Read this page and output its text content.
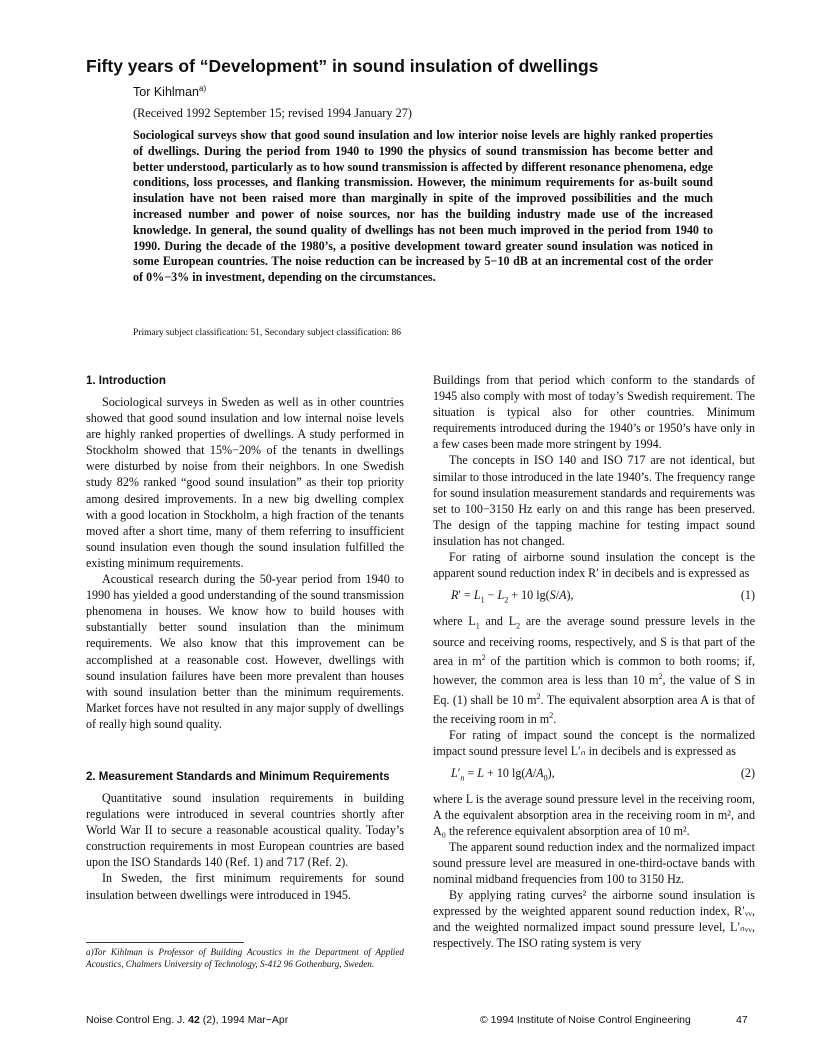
Fifty years of “Development” in sound insulation of dwellings
Tor Kihlman$^{a)}$
(Received 1992 September 15; revised 1994 January 27)

Sociological surveys show that good sound insulation and low interior noise levels are highly ranked properties of dwellings. During the period from 1940 to 1990 the physics of sound transmission has become better and better understood, particularly as to how sound transmission is affected by different resonance phenomena, edge conditions, loss processes, and flanking transmission. However, the minimum requirements for as-built sound insulation have not been raised more than marginally in spite of the improved possibilities and the much increased number and power of noise sources, nor has the building industry made use of the increased knowledge. In general, the sound quality of dwellings has not been much improved in the period from 1940 to 1990. During the decade of the 1980’s, a positive development toward greater sound insulation was noticed in some European countries. The noise reduction can be increased by 5−10 dB at an incremental cost of the order of 0%−3% in investment, depending on the circumstances.

Primary subject classification: 51, Secondary subject classification: 86
1. Introduction

Sociological surveys in Sweden as well as in other countries showed that good sound insulation and low internal noise levels are highly ranked properties of dwellings. A study performed in Stockholm showed that 15%−20% of the tenants in dwellings were disturbed by noise from their neighbors. In one Swedish study 82% ranked “good sound insulation” as their top priority among desired improvements. In a new big dwelling complex with a good location in Stockholm, a high fraction of the tenants moved after a short time, many of them referring to insufficient sound insulation even though the sound insulation fulfilled the existing minimum requirements.

Acoustical research during the 50-year period from 1940 to 1990 has yielded a good understanding of the sound transmission phenomena in houses. We know how to build houses with substantially better sound insulation than the minimum requirements. We also know that this improvement can be accomplished at a reasonable cost. However, dwellings with sound insulation failures have been more prevalent than houses with sound insulation better than the minimum requirements. Market forces have not resulted in any major supply of dwellings of really high sound quality.

2. Measurement Standards and Minimum Requirements

Quantitative sound insulation requirements in building regulations were introduced in several countries shortly after World War II to secure a reasonable acoustical quality. Today’s construction requirements in most European countries are based upon the ISO Standards 140 (Ref. 1) and 717 (Ref. 2).

In Sweden, the first minimum requirements for sound insulation between dwellings were introduced in 1945.

Buildings from that period which conform to the standards of 1945 also comply with most of today’s Swedish requirement. The situation is typical also for other countries. Minimum requirements introduced during the 1940’s or 1950’s have only in a few cases been made more stringent by 1994.

The concepts in ISO 140 and ISO 717 are not identical, but similar to those introduced in the late 1940’s. The frequency range for sound insulation measurement standards and requirements was set to 100−3150 Hz early on and this range has been preserved. The design of the tapping machine for testing impact sound insulation has not changed.

For rating of airborne sound insulation the concept is the apparent sound reduction index R′ in decibels and is expressed as

$R' = L_1 - L_2 + 10$ lg(S/A),	(1)

where $L_1$ and $L_2$ are the average sound pressure levels in the source and receiving rooms, respectively, and S is that part of the area in $m^2$ of the partition which is common to both rooms; if, however, the common area is less than 10 $m^2$, the value of S in Eq. (1) shall be 10 $m^2$. The equivalent absorption area A is that of the receiving room in $m^2$.

For rating of impact sound the concept is the normalized impact sound pressure level L′ₙ in decibels and is expressed as

$L'_n = L + 10$ $\lg(A/A_0)$,	(2)

where L is the average sound pressure level in the receiving room, A the equivalent absorption area in the receiving room in m², and A₀ the reference equivalent absorption area of 10 m².

The apparent sound reduction index and the normalized impact sound pressure level are measured in one-third-octave bands with nominal midband frequencies from 100 to 3150 Hz.

By applying rating curves² the airborne sound insulation is expressed by the weighted apparent sound reduction index, R′ᵥᵥ, and the weighted normalized impact sound pressure level, L′ₙᵥᵥ, respectively. The ISO rating system is very

a)Tor Kihlman is Professor of Building Acoustics in the Department of Applied Acoustics, Chalmers University of Technology, S-412 96 Gothenburg, Sweden.
Noise Control Eng. J. 42 (2), 1994 Mar−Apr	© 1994 Institute of Noise Control Engineering	47
